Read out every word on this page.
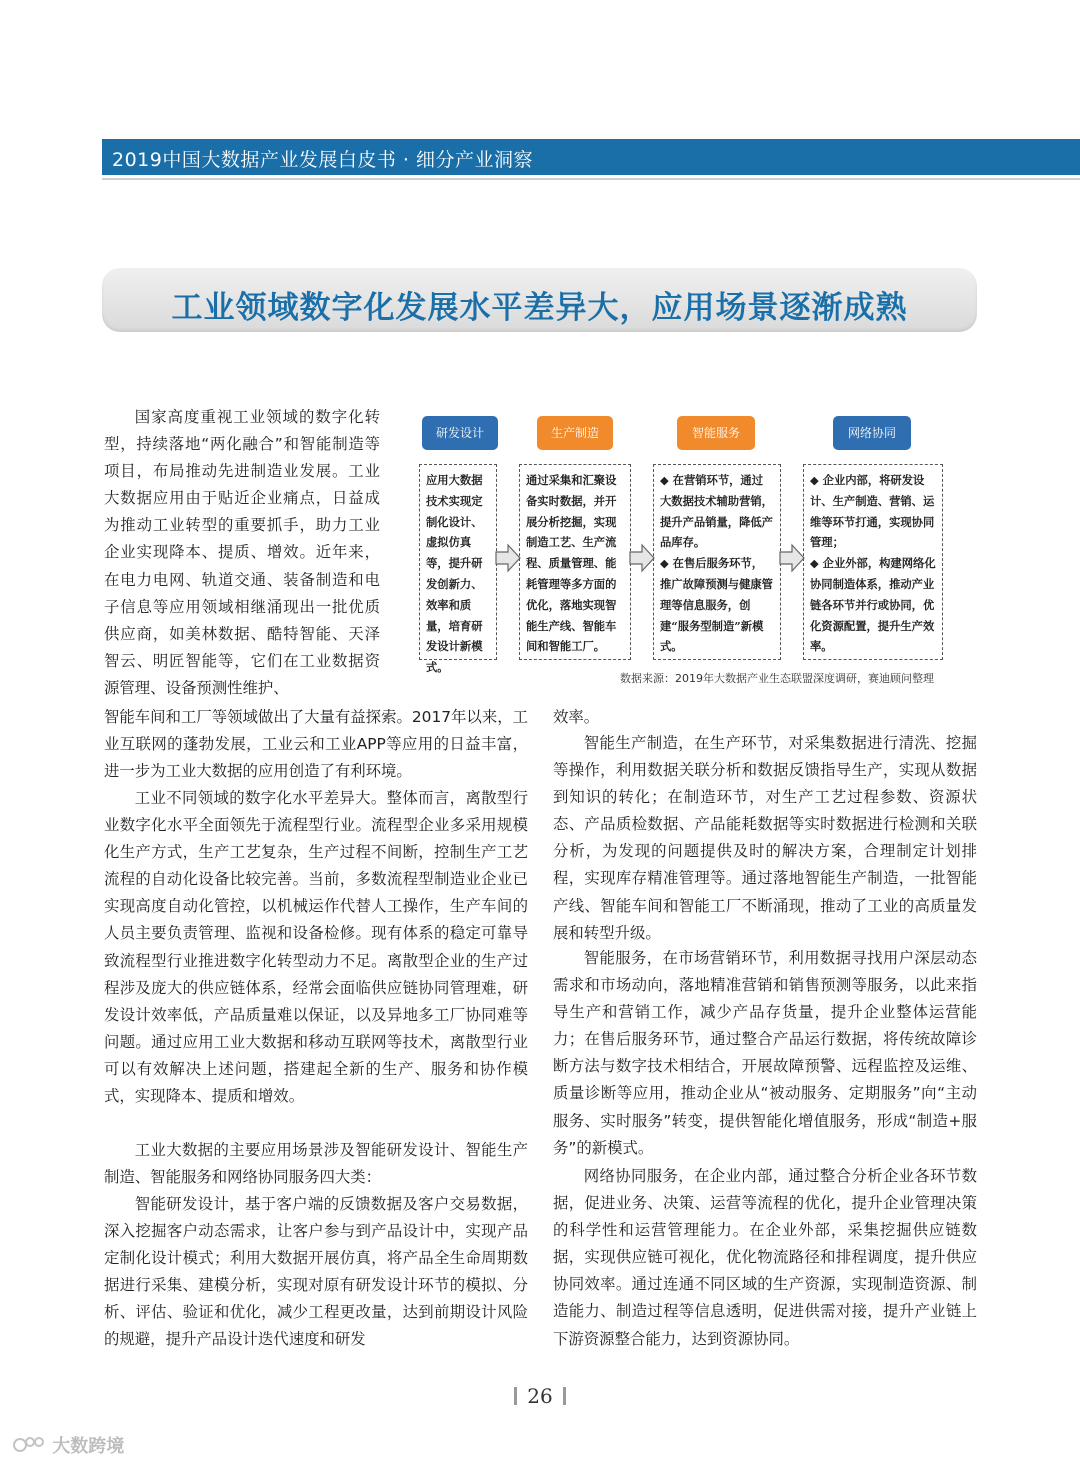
2019中国大数据产业发展白皮书 · 细分产业洞察
工业领域数字化发展水平差异大，应用场景逐渐成熟

国家高度重视工业领域的数字化转型，持续落地“两化融合”和智能制造等项目，布局推动先进制造业发展。工业大数据应用由于贴近企业痛点，日益成为推动工业转型的重要抓手，助力工业企业实现降本、提质、增效。近年来，在电力电网、轨道交通、装备制造和电子信息等应用领域相继涌现出一批优质供应商，如美林数据、酷特智能、天泽智云、明匠智能等，它们在工业数据资源管理、设备预测性维护、

智能车间和工厂等领域做出了大量有益探索。2017年以来，工业互联网的蓬勃发展，工业云和工业APP等应用的日益丰富，进一步为工业大数据的应用创造了有利环境。

工业不同领域的数字化水平差异大。整体而言，离散型行业数字化水平全面领先于流程型行业。流程型企业多采用规模化生产方式，生产工艺复杂，生产过程不间断，控制生产工艺流程的自动化设备比较完善。当前，多数流程型制造业企业已实现高度自动化管控，以机械运作代替人工操作，生产车间的人员主要负责管理、监视和设备检修。现有体系的稳定可靠导致流程型行业推进数字化转型动力不足。离散型企业的生产过程涉及庞大的供应链体系，经常会面临供应链协同管理难，研发设计效率低，产品质量难以保证，以及异地多工厂协同难等问题。通过应用工业大数据和移动互联网等技术，离散型行业可以有效解决上述问题，搭建起全新的生产、服务和协作模式，实现降本、提质和增效。

工业大数据的主要应用场景涉及智能研发设计、智能生产制造、智能服务和网络协同服务四大类：

智能研发设计，基于客户端的反馈数据及客户交易数据，深入挖掘客户动态需求，让客户参与到产品设计中，实现产品定制化设计模式；利用大数据开展仿真，将产品全生命周期数据进行采集、建模分析，实现对原有研发设计环节的模拟、分析、评估、验证和优化，减少工程更改量，达到前期设计风险的规避，提升产品设计迭代速度和研发

效率。

智能生产制造，在生产环节，对采集数据进行清洗、挖掘等操作，利用数据关联分析和数据反馈指导生产，实现从数据到知识的转化；在制造环节，对生产工艺过程参数、资源状态、产品质检数据、产品能耗数据等实时数据进行检测和关联分析，为发现的问题提供及时的解决方案，合理制定计划排程，实现库存精准管理等。通过落地智能生产制造，一批智能产线、智能车间和智能工厂不断涌现，推动了工业的高质量发展和转型升级。

智能服务，在市场营销环节，利用数据寻找用户深层动态需求和市场动向，落地精准营销和销售预测等服务，以此来指导生产和营销工作，减少产品存货量，提升企业整体运营能力；在售后服务环节，通过整合产品运行数据，将传统故障诊断方法与数字技术相结合，开展故障预警、远程监控及运维、质量诊断等应用，推动企业从“被动服务、定期服务”向“主动服务、实时服务”转变，提供智能化增值服务，形成“制造+服务”的新模式。

网络协同服务，在企业内部，通过整合分析企业各环节数据，促进业务、决策、运营等流程的优化，提升企业管理决策的科学性和运营管理能力。在企业外部，采集挖掘供应链数据，实现供应链可视化，优化物流路径和排程调度，提升供应协同效率。通过连通不同区域的生产资源，实现制造资源、制造能力、制造过程等信息透明，促进供需对接，提升产业链上下游资源整合能力，达到资源协同。

研发设计	生产制造	智能服务	网络协同
应用大数据技术实现定制化设计、虚拟仿真等，提升研发创新力、效率和质量，培育研发设计新模式。
通过采集和汇聚设备实时数据，并开展分析挖掘，实现制造工艺、生产流程、质量管理、能耗管理等多方面的优化，落地实现智能生产线、智能车间和智能工厂。
◆ 在营销环节，通过大数据技术辅助营销，提升产品销量，降低产品库存。
◆ 在售后服务环节，推广故障预测与健康管理等信息服务，创建“服务型制造”新模式。
◆ 企业内部，将研发设计、生产制造、营销、运维等环节打通，实现协同管理；
◆ 企业外部，构建网络化协同制造体系，推动产业链各环节并行或协同，优化资源配置，提升生产效率。
数据来源：2019年大数据产业生态联盟深度调研，赛迪顾问整理
26
大数跨境
